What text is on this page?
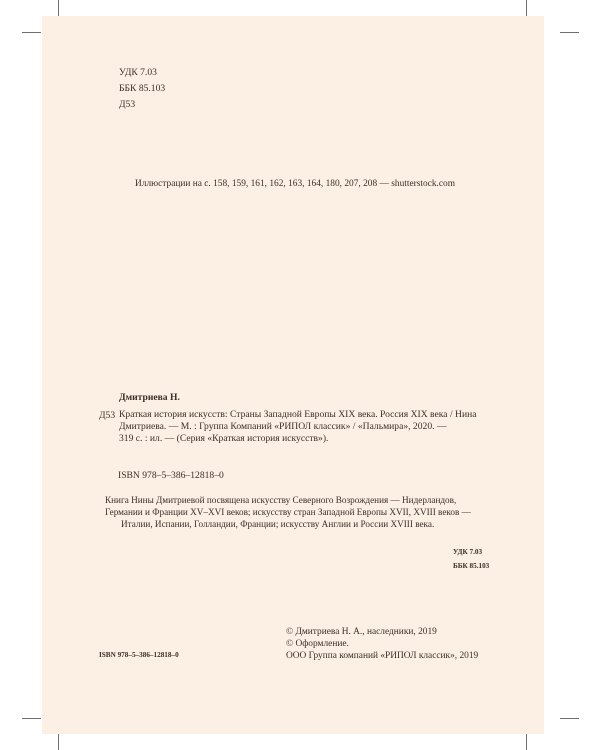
УДК 7.03
ББК 85.103
Д53
Иллюстрации на с. 158, 159, 161, 162, 163, 164, 180, 207, 208 — shutterstock.com
Дмитриева Н.
Д53 Краткая история искусств: Страны Западной Европы XIX века. Россия XIX века / Нина
Дмитриева. — М. : Группа Компаний «РИПОЛ классик» / «Пальмира», 2020. —
319 с. : ил. — (Серия «Краткая история искусств»).
ISBN 978–5–386–12818–0
Книга Нины Дмитриевой посвящена искусству Северного Возрождения — Нидерландов,
Германии и Франции XV–XVI веков; искусству стран Западной Европы XVII, XVIII веков —
Италии, Испании, Голландии, Франции; искусству Англии и России XVIII века.
УДК 7.03
ББК 85.103
ISBN 978–5–386–12818–0
© Дмитриева Н. А., наследники, 2019
© Оформление.
ООО Группа компаний «РИПОЛ классик», 2019
